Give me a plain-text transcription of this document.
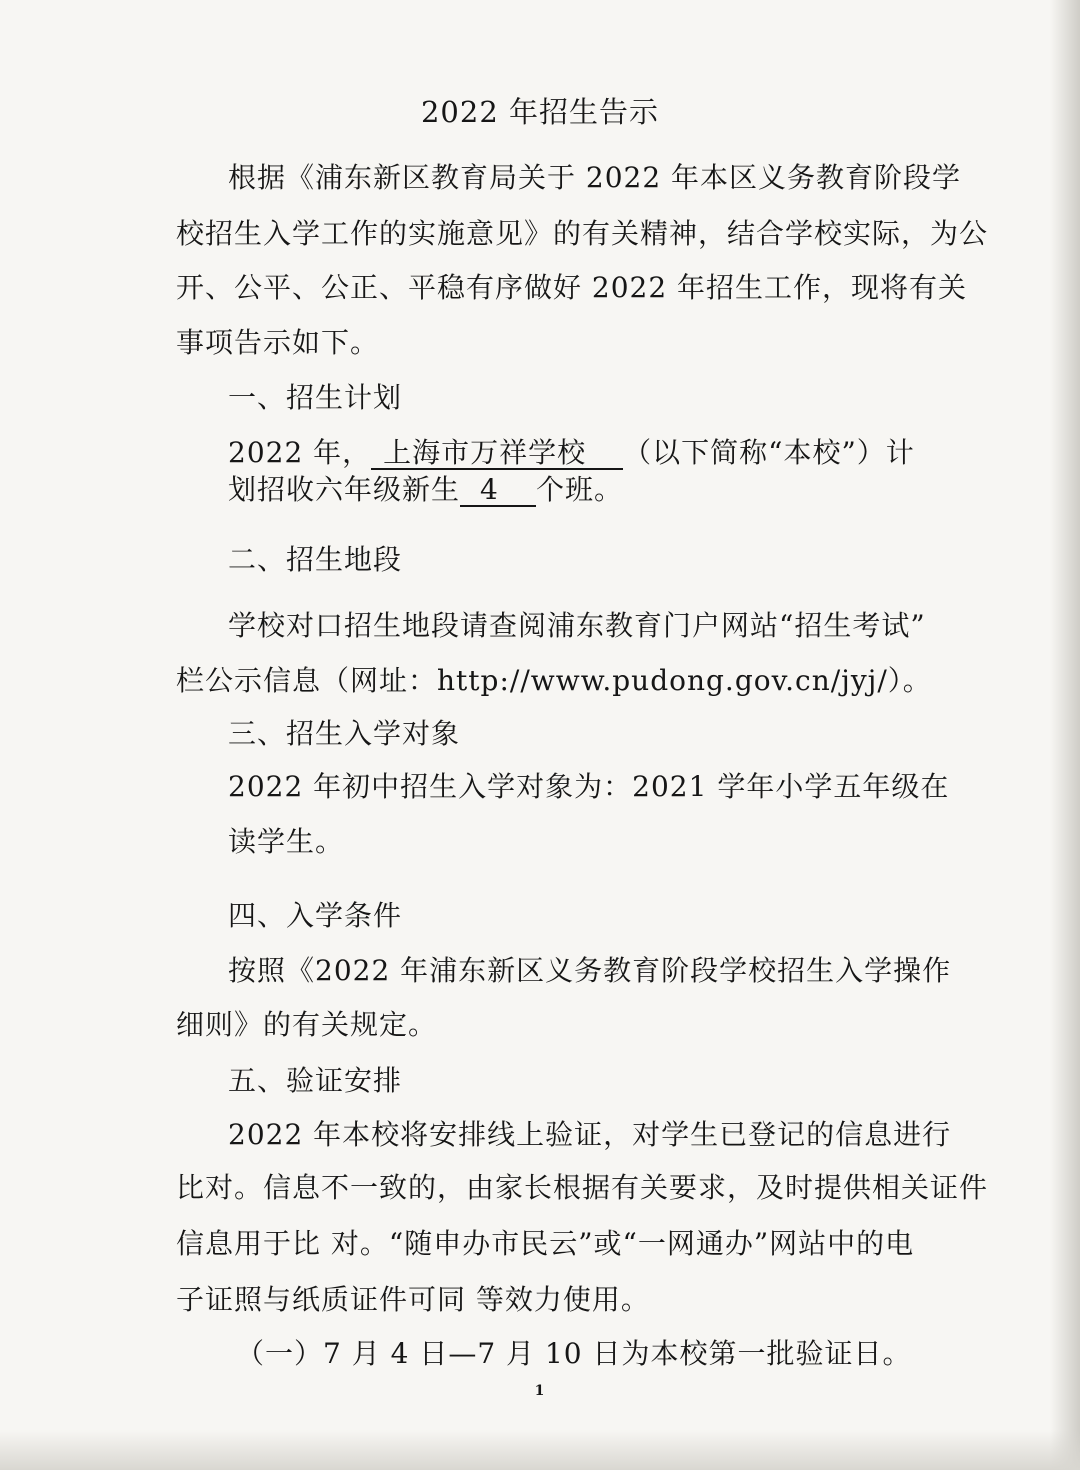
2022 年招生告示
根据《浦东新区教育局关于 2022 年本区义务教育阶段学
校招生入学工作的实施意见》的有关精神，结合学校实际，为公
开、公平、公正、平稳有序做好 2022 年招生工作，现将有关
事项告示如下。
一、招生计划
2022 年， 上海市万祥学校 （以下简称“本校”）计
划招收六年级新生 4 个班。
二、招生地段
学校对口招生地段请查阅浦东教育门户网站“招生考试”
栏公示信息（网址：http://www.pudong.gov.cn/jyj/）。
三、招生入学对象
2022 年初中招生入学对象为：2021 学年小学五年级在
读学生。
四、入学条件
按照《2022 年浦东新区义务教育阶段学校招生入学操作
细则》的有关规定。
五、验证安排
2022 年本校将安排线上验证，对学生已登记的信息进行
比对。信息不一致的，由家长根据有关要求，及时提供相关证件
信息用于比 对。“随申办市民云”或“一网通办”网站中的电
子证照与纸质证件可同 等效力使用。
（一）7 月 4 日—7 月 10 日为本校第一批验证日。
1
